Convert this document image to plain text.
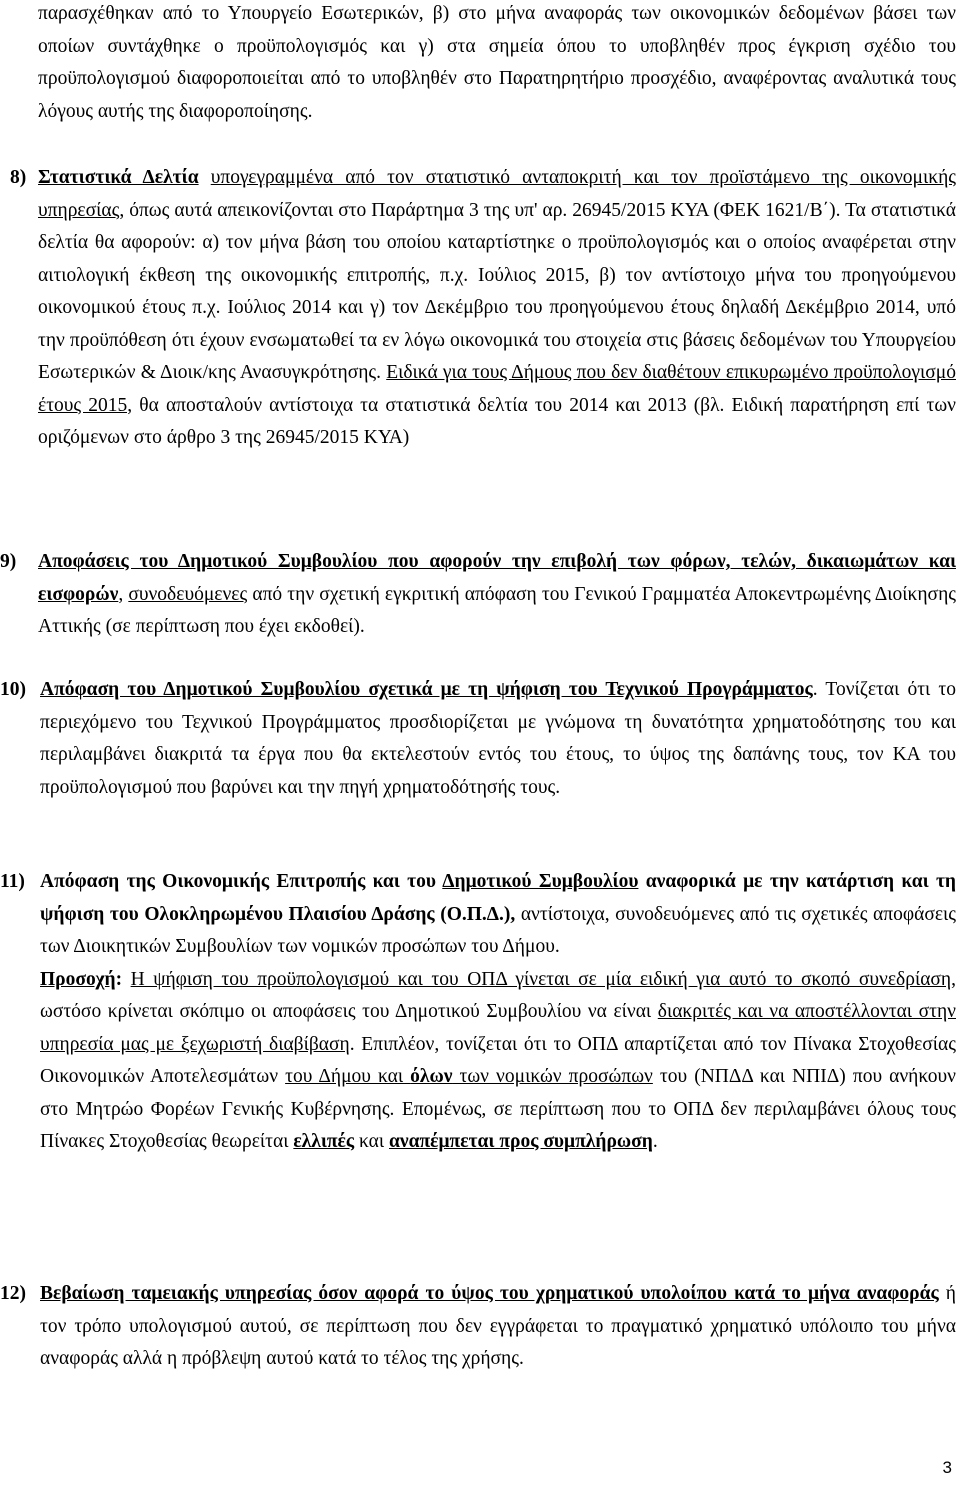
παρασχέθηκαν από το Υπουργείο Εσωτερικών, β) στο μήνα αναφοράς των οικονομικών δεδομένων βάσει των οποίων συντάχθηκε ο προϋπολογισμός και γ) στα σημεία όπου το υποβληθέν προς έγκριση σχέδιο του προϋπολογισμού διαφοροποιείται από το υποβληθέν στο Παρατηρητήριο προσχέδιο, αναφέροντας αναλυτικά τους λόγους αυτής της διαφοροποίησης.

8) Στατιστικά Δελτία υπογεγραμμένα από τον στατιστικό ανταποκριτή και τον προϊστάμενο της οικονομικής υπηρεσίας, όπως αυτά απεικονίζονται στο Παράρτημα 3 της υπ' αρ. 26945/2015 ΚΥΑ (ΦΕΚ 1621/Β΄). Τα στατιστικά δελτία θα αφορούν: α) τον μήνα βάση του οποίου καταρτίστηκε ο προϋπολογισμός και ο οποίος αναφέρεται στην αιτιολογική έκθεση της οικονομικής επιτροπής, π.χ. Ιούλιος 2015, β) τον αντίστοιχο μήνα του προηγούμενου οικονομικού έτους π.χ. Ιούλιος 2014 και γ) τον Δεκέμβριο του προηγούμενου έτους δηλαδή Δεκέμβριο 2014, υπό την προϋπόθεση ότι έχουν ενσωματωθεί τα εν λόγω οικονομικά του στοιχεία στις βάσεις δεδομένων του Υπουργείου Εσωτερικών & Διοικ/κης Ανασυγκρότησης. Ειδικά για τους Δήμους που δεν διαθέτουν επικυρωμένο προϋπολογισμό έτους 2015, θα αποσταλούν αντίστοιχα τα στατιστικά δελτία του 2014 και 2013 (βλ. Ειδική παρατήρηση επί των οριζόμενων στο άρθρο 3 της 26945/2015 ΚΥΑ)
9)	Αποφάσεις του Δημοτικού Συμβουλίου που αφορούν την επιβολή των φόρων, τελών, δικαιωμάτων και εισφορών, συνοδευόμενες από την σχετική εγκριτική απόφαση του Γενικού Γραμματέα Αποκεντρωμένης Διοίκησης Αττικής (σε περίπτωση που έχει εκδοθεί).
10) Απόφαση του Δημοτικού Συμβουλίου σχετικά με τη ψήφιση του Τεχνικού Προγράμματος. Τονίζεται ότι το περιεχόμενο του Τεχνικού Προγράμματος προσδιορίζεται με γνώμονα τη δυνατότητα χρηματοδότησης του και περιλαμβάνει διακριτά τα έργα που θα εκτελεστούν εντός του έτους, το ύψος της δαπάνης τους, τον ΚΑ του προϋπολογισμού που βαρύνει και την πηγή χρηματοδότησής τους.
11) Απόφαση της Οικονομικής Επιτροπής και του Δημοτικού Συμβουλίου αναφορικά με την κατάρτιση και τη ψήφιση του Ολοκληρωμένου Πλαισίου Δράσης (Ο.Π.Δ.), αντίστοιχα, συνοδευόμενες από τις σχετικές αποφάσεις των Διοικητικών Συμβουλίων των νομικών προσώπων του Δήμου.
Προσοχή: Η ψήφιση του προϋπολογισμού και του ΟΠΔ γίνεται σε μία ειδική για αυτό το σκοπό συνεδρίαση, ωστόσο κρίνεται σκόπιμο οι αποφάσεις του Δημοτικού Συμβουλίου να είναι διακριτές και να αποστέλλονται στην υπηρεσία μας με ξεχωριστή διαβίβαση. Επιπλέον, τονίζεται ότι το ΟΠΔ απαρτίζεται από τον Πίνακα Στοχοθεσίας Οικονομικών Αποτελεσμάτων του Δήμου και όλων των νομικών προσώπων του (ΝΠΔΔ και ΝΠΙΔ) που ανήκουν στο Μητρώο Φορέων Γενικής Κυβέρνησης. Επομένως, σε περίπτωση που το ΟΠΔ δεν περιλαμβάνει όλους τους Πίνακες Στοχοθεσίας θεωρείται ελλιπές και αναπέμπεται προς συμπλήρωση.
12) Βεβαίωση ταμειακής υπηρεσίας όσον αφορά το ύψος του χρηματικού υπολοίπου κατά το μήνα αναφοράς ή τον τρόπο υπολογισμού αυτού, σε περίπτωση που δεν εγγράφεται το πραγματικό χρηματικό υπόλοιπο του μήνα αναφοράς αλλά η πρόβλεψη αυτού κατά το τέλος της χρήσης.
3
